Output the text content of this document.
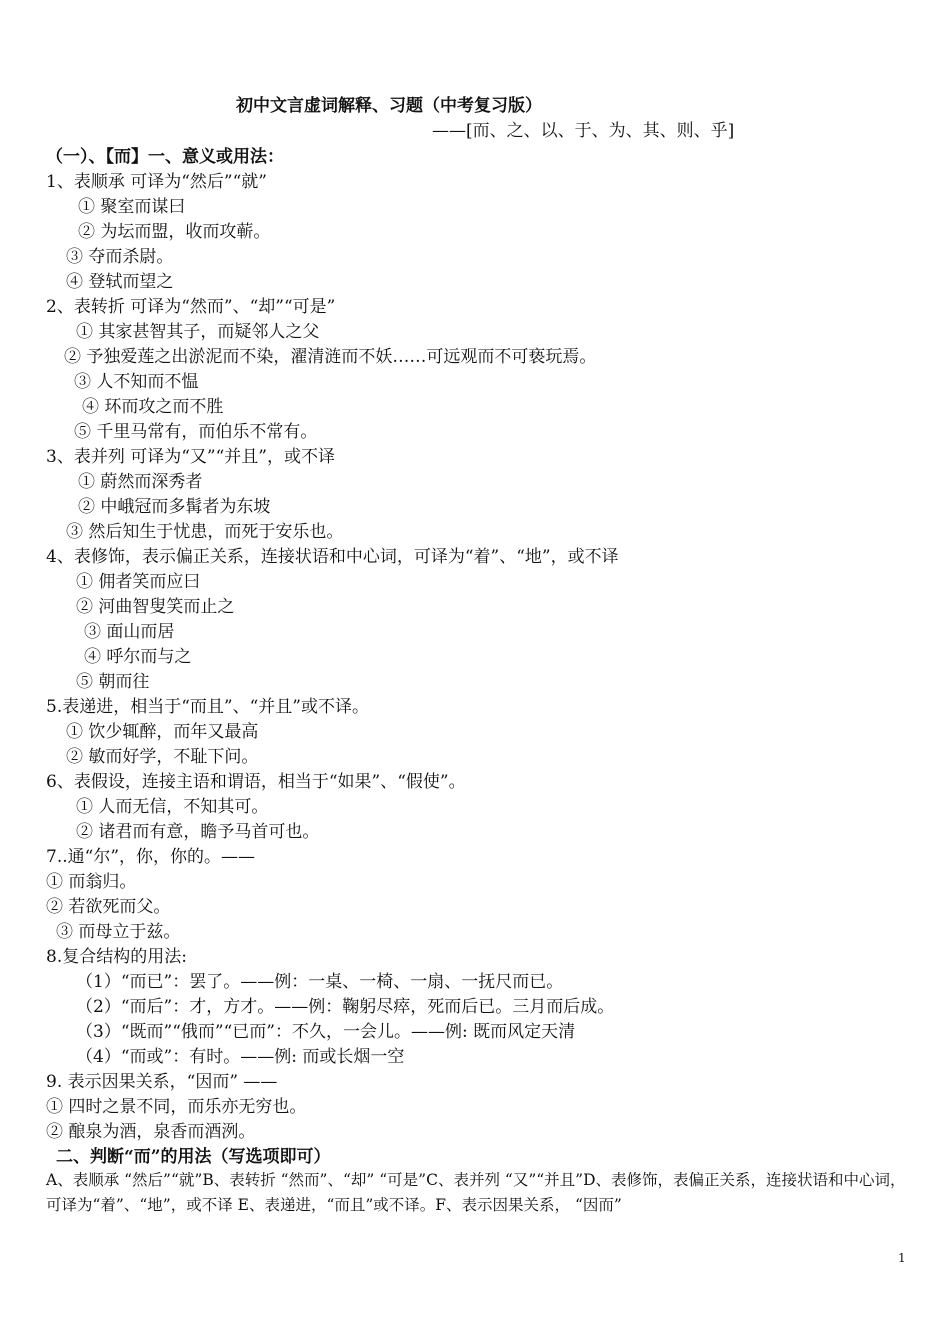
初中文言虚词解释、习题（中考复习版）
——[而、之、以、于、为、其、则、乎]
（一）、【而】一、意义或用法：
1、表顺承 可译为“然后”“就”
① 聚室而谋曰
② 为坛而盟，收而攻蕲。
③ 夺而杀尉。
④ 登轼而望之
2、表转折 可译为“然而”、“却”“可是”
① 其家甚智其子，而疑邻人之父
② 予独爱莲之出淤泥而不染，濯清涟而不妖……可远观而不可亵玩焉。
③ 人不知而不愠
④ 环而攻之而不胜
⑤ 千里马常有，而伯乐不常有。
3、表并列 可译为“又”“并且”，或不译
① 蔚然而深秀者
② 中峨冠而多髯者为东坡
③ 然后知生于忧患，而死于安乐也。
4、表修饰，表示偏正关系，连接状语和中心词，可译为“着”、“地”，或不译
① 佣者笑而应曰
② 河曲智叟笑而止之
③ 面山而居
④ 呼尔而与之
⑤ 朝而往
5.表递进，相当于“而且”、“并且”或不译。
① 饮少辄醉，而年又最高
② 敏而好学，不耻下问。
6、表假设，连接主语和谓语，相当于“如果”、“假使”。
① 人而无信，不知其可。
② 诸君而有意，瞻予马首可也。
7..通“尔”，你，你的。——
① 而翁归。
② 若欲死而父。
③ 而母立于兹。
8.复合结构的用法:
（1）“而已”：罢了。——例：一桌、一椅、一扇、一抚尺而已。
（2）“而后”：才，方才。——例：鞠躬尽瘁，死而后已。三月而后成。
（3）“既而”“俄而”“已而”：不久，一会儿。——例: 既而风定天清
（4）“而或”：有时。——例: 而或长烟一空
9. 表示因果关系，“因而” ——
① 四时之景不同，而乐亦无穷也。
② 酿泉为酒，泉香而酒洌。
二、判断“而”的用法（写选项即可）
A、表顺承 “然后”“就”B、表转折 “然而”、“却” “可是”C、表并列 “又”“并且”D、表修饰，表偏正关系，连接状语和中心词，可译为“着”、“地”，或不译 E、表递进，“而且”或不译。F、表示因果关系， “因而”
1
